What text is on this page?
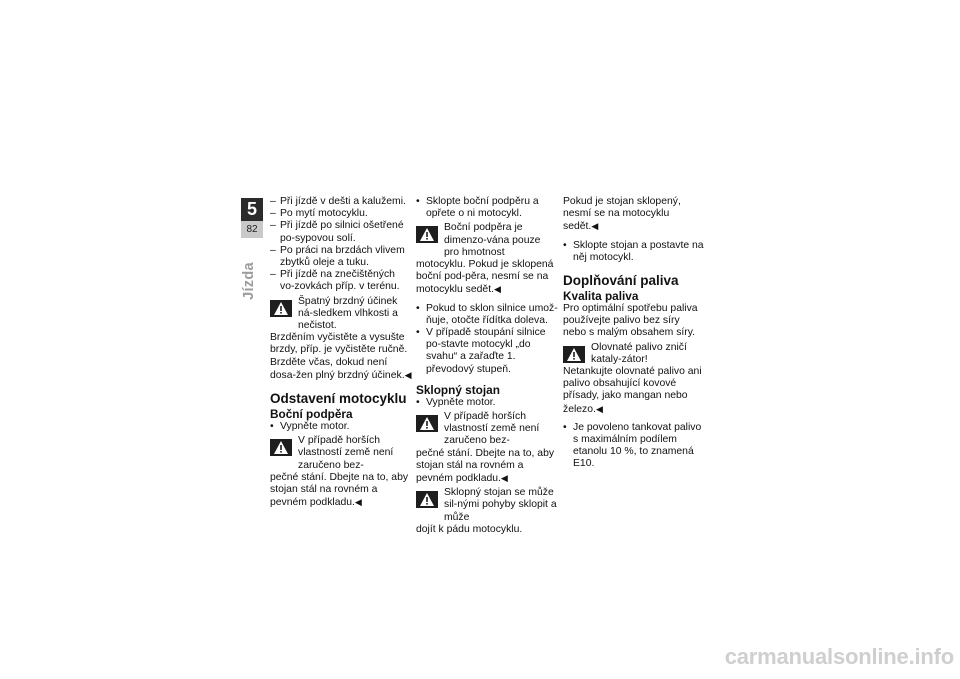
Jízda
5
82

– Při jízdě v dešti a kalužemi.

– Po mytí motocyklu.

– Při jízdě po silnici ošetřené po-sypovou solí.

– Po práci na brzdách vlivem zbytků oleje a tuku.

– Při jízdě na znečištěných vo-zovkách příp. v terénu.

Špatný brzdný účinek ná-sledkem vlhkosti a nečistot.
Brzděním vyčistěte a vysušte brzdy, příp. je vyčistěte ručně. Brzděte včas, dokud není dosa-žen plný brzdný účinek.◀
Odstavení motocyklu
Boční podpěra

• Vypněte motor.

V případě horších vlastností země není zaručeno bez-
pečné stání. Dbejte na to, aby stojan stál na rovném a pevném podkladu.◀

• Sklopte boční podpěru a opřete o ni motocykl.

Boční podpěra je dimenzo-vána pouze pro hmotnost
motocyklu. Pokud je sklopená boční pod-pěra, nesmí se na motocyklu sedět.◀

• Pokud to sklon silnice umož-ňuje, otočte řídítka doleva.

• V případě stoupání silnice po-stavte motocykl „do svahu“ a zařaďte 1. převodový stupeň.

Sklopný stojan

• Vypněte motor.

V případě horších vlastností země není zaručeno bez-
pečné stání. Dbejte na to, aby stojan stál na rovném a pevném podkladu.◀
Sklopný stojan se může sil-nými pohyby sklopit a může
dojít k pádu motocyklu.

Pokud je stojan sklopený, nesmí se na motocyklu sedět.◀

• Sklopte stojan a postavte na něj motocykl.

Doplňování paliva
Kvalita paliva

Pro optimální spotřebu paliva používejte palivo bez síry nebo s malým obsahem síry.

Olovnaté palivo zničí kataly-zátor!
Netankujte olovnaté palivo ani palivo obsahující kovové přísady, jako mangan nebo železo.◀

• Je povoleno tankovat palivo s maximálním podílem etanolu 10 %, to znamená E10.

carmanualsonline.info
